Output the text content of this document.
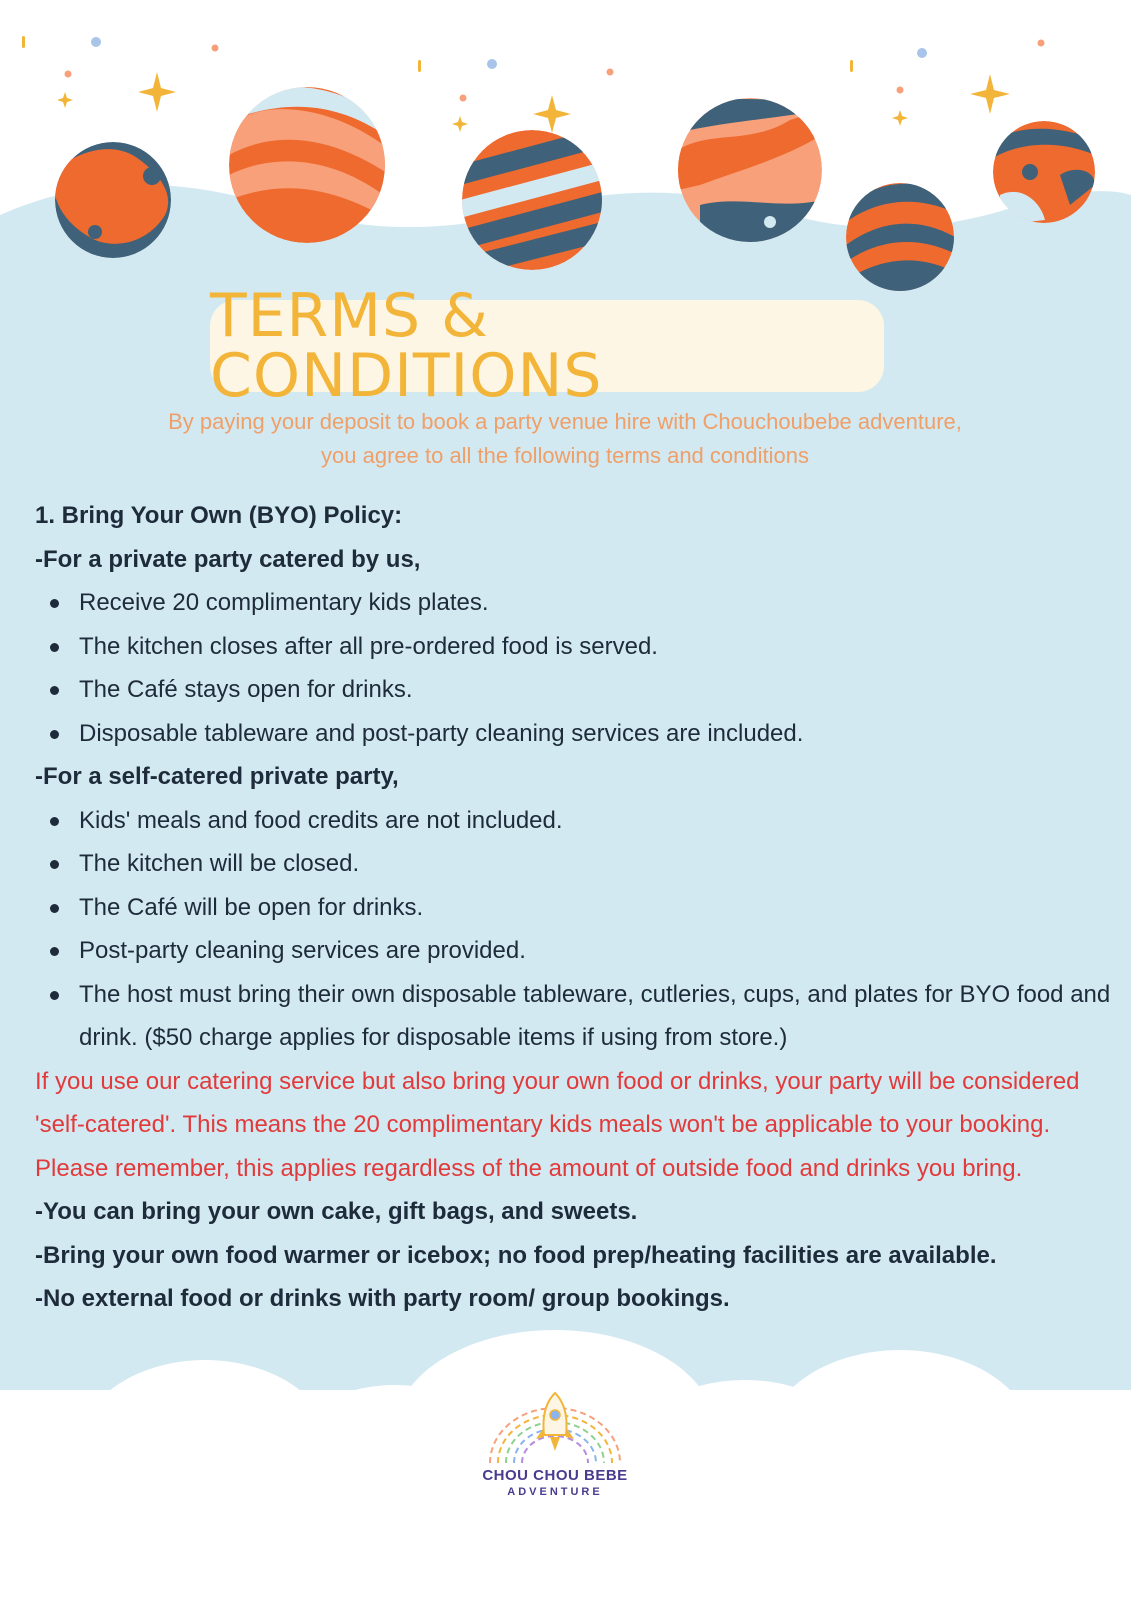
TERMS & CONDITIONS
By paying your deposit to book a party venue hire with Chouchoubebe adventure,
you agree to all the following terms and conditions

1. Bring Your Own (BYO) Policy:

-For a private party catered by us,

Receive 20 complimentary kids plates.
The kitchen closes after all pre-ordered food is served.
The Café stays open for drinks.
Disposable tableware and post-party cleaning services are included.

-For a self-catered private party,

Kids' meals and food credits are not included.
The kitchen will be closed.
The Café will be open for drinks.
Post-party cleaning services are provided.
The host must bring their own disposable tableware, cutleries, cups, and plates for BYO food and drink. ($50 charge applies for disposable items if using from store.)

If you use our catering service but also bring your own food or drinks, your party will be considered 'self-catered'. This means the 20 complimentary kids meals won't be applicable to your booking. Please remember, this applies regardless of the amount of outside food and drinks you bring.

-You can bring your own cake, gift bags, and sweets.

-Bring your own food warmer or icebox; no food prep/heating facilities are available.

-No external food or drinks with party room/ group bookings.

CHOU CHOU BEBE
ADVENTURE
